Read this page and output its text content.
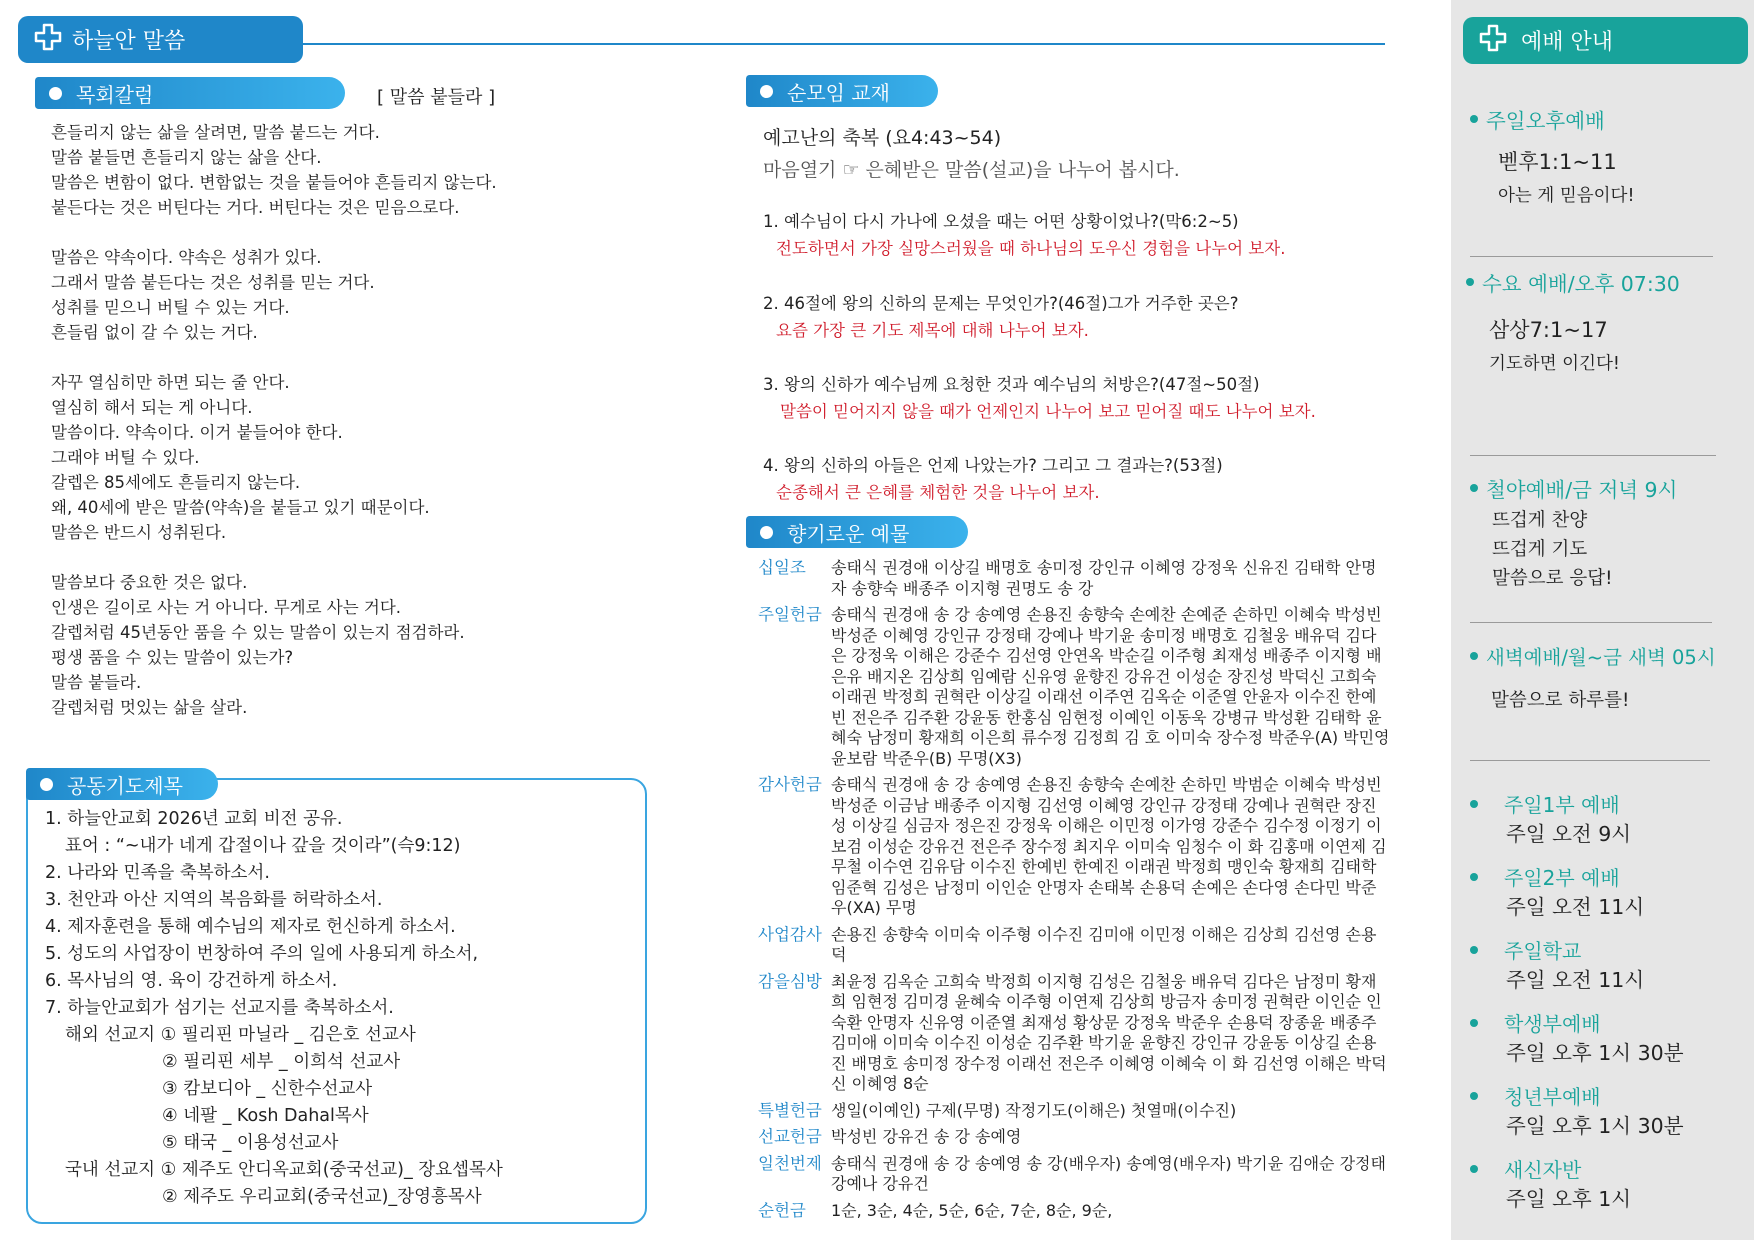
하늘안 말씀
목회칼럼	[ 말씀 붙들라 ]

흔들리지 않는 삶을 살려면, 말씀 붙드는 거다.

말씀 붙들면 흔들리지 않는 삶을 산다.

말씀은 변함이 없다. 변함없는 것을 붙들어야 흔들리지 않는다.

붙든다는 것은 버틴다는 거다. 버틴다는 것은 믿음으로다.

말씀은 약속이다. 약속은 성취가 있다.

그래서 말씀 붙든다는 것은 성취를 믿는 거다.

성취를 믿으니 버틸 수 있는 거다.

흔들림 없이 갈 수 있는 거다.

자꾸 열심히만 하면 되는 줄 안다.

열심히 해서 되는 게 아니다.

말씀이다. 약속이다. 이거 붙들어야 한다.

그래야 버틸 수 있다.

갈렙은 85세에도 흔들리지 않는다.

왜, 40세에 받은 말씀(약속)을 붙들고 있기 때문이다.

말씀은 반드시 성취된다.

말씀보다 중요한 것은 없다.

인생은 길이로 사는 거 아니다. 무게로 사는 거다.

갈렙처럼 45년동안 품을 수 있는 말씀이 있는지 점검하라.

평생 품을 수 있는 말씀이 있는가?

말씀 붙들라.

갈렙처럼 멋있는 삶을 살라.

공동기도제목

1. 하늘안교회 2026년 교회 비전 공유.

표어 : “~내가 네게 갑절이나 갚을 것이라”(슥9:12)

2. 나라와 민족을 축복하소서.

3. 천안과 아산 지역의 복음화를 허락하소서.

4. 제자훈련을 통해 예수님의 제자로 헌신하게 하소서.

5. 성도의 사업장이 번창하여 주의 일에 사용되게 하소서,

6. 목사님의 영. 육이 강건하게 하소서.

7. 하늘안교회가 섬기는 선교지를 축복하소서.

해외 선교지 ① 필리핀 마닐라 _ 김은호 선교사

② 필리핀 세부 _ 이희석 선교사

③ 캄보디아 _ 신한수선교사

④ 네팔 _ Kosh Dahal목사

⑤ 태국 _ 이용성선교사

국내 선교지 ① 제주도 안디옥교회(중국선교)_ 장요셉목사

② 제주도 우리교회(중국선교)_장영흥목사

순모임 교재
예고난의 축복 (요4:43~54)
마음열기 ☞ 은혜받은 말씀(설교)을 나누어 봅시다.
1. 예수님이 다시 가나에 오셨을 때는 어떤 상황이었나?(막6:2~5)
전도하면서 가장 실망스러웠을 때 하나님의 도우신 경험을 나누어 보자.
2. 46절에 왕의 신하의 문제는 무엇인가?(46절)그가 거주한 곳은?
요즘 가장 큰 기도 제목에 대해 나누어 보자.
3. 왕의 신하가 예수님께 요청한 것과 예수님의 처방은?(47절~50절)
말씀이 믿어지지 않을 때가 언제인지 나누어 보고 믿어질 때도 나누어 보자.
4. 왕의 신하의 아들은 언제 나았는가? 그리고 그 결과는?(53절)
순종해서 큰 은혜를 체험한 것을 나누어 보자.
향기로운 예물
십일조	송태식 권경애 이상길 배명호 송미정 강인규 이혜영 강정욱 신유진 김태학 안명자 송향숙 배종주 이지형 권명도 송 강
주일헌금 송태식 권경애 송 강 송예영 손용진 송향숙 손예찬 손예준 손하민 이혜숙 박성빈 박성준 이혜영 강인규 강정태 강예나 박기윤 송미정 배명호 김철웅 배유덕 김다은 강정욱 이해은 강준수 김선영 안연옥 박순길 이주형 최재성 배종주 이지형 배은유 배지온 김상희 임예람 신유영 윤향진 강유건 이성순 장진성 박덕신 고희숙 이래권 박정희 권혁란 이상길 이래선 이주연 김옥순 이준열 안윤자 이수진 한예빈 전은주 김주환 강윤동 한홍심 임현정 이예인 이동욱 강병규 박성환 김태학 윤혜숙 남정미 황재희 이은희 류수정 김정희 김 호 이미숙 장수정 박준우(A) 박민영 윤보람 박준우(B) 무명(X3)
감사헌금 송태식 권경애 송 강 송예영 손용진 송향숙 손예찬 손하민 박범순 이혜숙 박성빈 박성준 이금남 배종주 이지형 김선영 이혜영 강인규 강정태 강예나 권혁란 장진성 이상길 심금자 정은진 강정욱 이해은 이민정 이가영 강준수 김수정 이정기 이보검 이성순 강유건 전은주 장수정 최지우 이미숙 임청수 이 화 김홍매 이연제 김무철 이수연 김유담 이수진 한예빈 한예진 이래권 박정희 맹인숙 황재희 김태학 임준혁 김성은 남정미 이인순 안명자 손태복 손용덕 손예은 손다영 손다민 박준우(XA) 무명
사업감사 손용진 송향숙 이미숙 이주형 이수진 김미애 이민정 이해은 김상희 김선영 손용덕
감을심방 최윤정 김옥순 고희숙 박정희 이지형 김성은 김철웅 배유덕 김다은 남정미 황재희 임현정 김미경 윤혜숙 이주형 이연제 김상희 방금자 송미정 권혁란 이인순 인숙환 안명자 신유영 이준열 최재성 황상문 강정욱 박준우 손용덕 장종윤 배종주 김미애 이미숙 이수진 이성순 김주환 박기윤 윤향진 강인규 강윤동 이상길 손용진 배명호 송미정 장수정 이래선 전은주 이혜영 이혜숙 이 화 김선영 이해은 박덕신 이혜영 8순
특별헌금 생일(이예인) 구제(무명) 작정기도(이해은) 첫열매(이수진)
선교헌금 박성빈 강유건 송 강 송예영
일천번제 송태식 권경애 송 강 송예영 송 강(배우자) 송예영(배우자) 박기윤 김애순 강정태 강예나 강유건
순헌금	1순, 3순, 4순, 5순, 6순, 7순, 8순, 9순,
예배 안내
주일오후예배
벧후1:1~11
아는 게 믿음이다!
수요 예배/오후 07:30
삼상7:1~17
기도하면 이긴다!
철야예배/금 저녁 9시
뜨겁게 찬양
뜨겁게 기도
말씀으로 응답!
새벽예배/월~금 새벽 05시
말씀으로 하루를!
주일1부 예배
주일 오전 9시
주일2부 예배
주일 오전 11시
주일학교
주일 오전 11시
학생부예배
주일 오후 1시 30분
청년부예배
주일 오후 1시 30분
새신자반
주일 오후 1시
